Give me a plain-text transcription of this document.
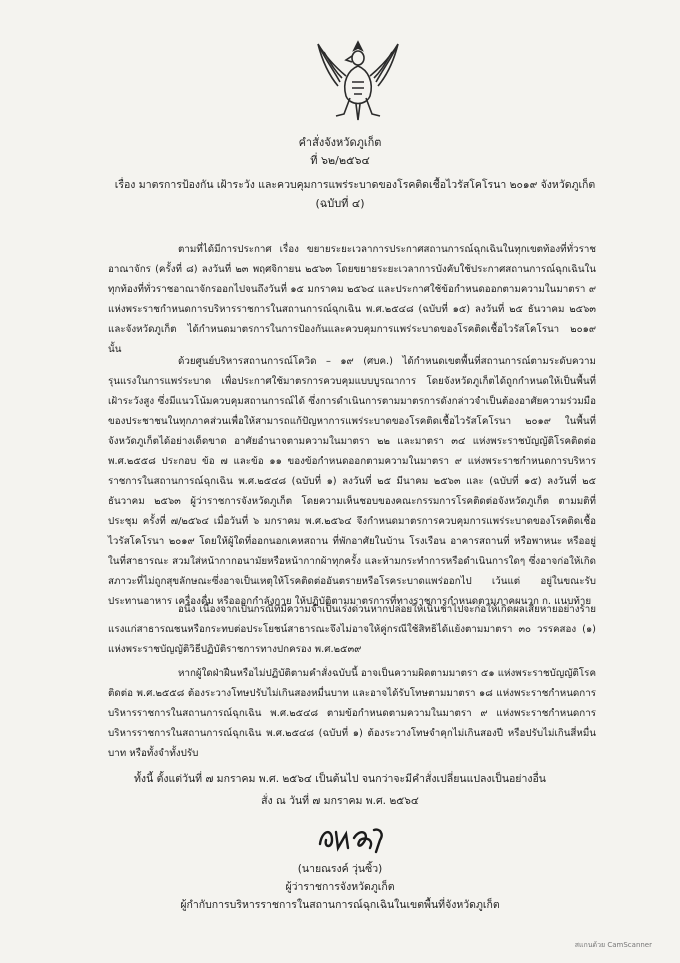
คำสั่งจังหวัดภูเก็ต
ที่ ๖๒/๒๕๖๔
เรื่อง มาตรการป้องกัน เฝ้าระวัง และควบคุมการแพร่ระบาดของโรคติดเชื้อไวรัสโคโรนา ๒๐๑๙ จังหวัดภูเก็ต
(ฉบับที่ ๔)

ตามที่ได้มีการประกาศ เรื่อง ขยายระยะเวลาการประกาศสถานการณ์ฉุกเฉินในทุกเขตท้องที่ทั่วราชอาณาจักร (ครั้งที่ ๘) ลงวันที่ ๒๓ พฤศจิกายน ๒๕๖๓ โดยขยายระยะเวลาการบังคับใช้ประกาศสถานการณ์ฉุกเฉินในทุกท้องที่ทั่วราชอาณาจักรออกไปจนถึงวันที่ ๑๕ มกราคม ๒๕๖๔ และประกาศใช้ข้อกำหนดออกตามความในมาตรา ๙ แห่งพระราชกำหนดการบริหารราชการในสถานการณ์ฉุกเฉิน พ.ศ.๒๕๔๘ (ฉบับที่ ๑๕) ลงวันที่ ๒๕ ธันวาคม ๒๕๖๓ และจังหวัดภูเก็ต ได้กำหนดมาตรการในการป้องกันและควบคุมการแพร่ระบาดของโรคติดเชื้อไวรัสโคโรนา ๒๐๑๙ นั้น

ด้วยศูนย์บริหารสถานการณ์โควิด – ๑๙ (ศบค.) ได้กำหนดเขตพื้นที่สถานการณ์ตามระดับความรุนแรงในการแพร่ระบาด เพื่อประกาศใช้มาตรการควบคุมแบบบูรณาการ โดยจังหวัดภูเก็ตได้ถูกกำหนดให้เป็นพื้นที่เฝ้าระวังสูง ซึ่งมีแนวโน้มควบคุมสถานการณ์ได้ ซึ่งการดำเนินการตามมาตรการดังกล่าวจำเป็นต้องอาศัยความร่วมมือของประชาชนในทุกภาคส่วนเพื่อให้สามารถแก้ปัญหาการแพร่ระบาดของโรคติดเชื้อไวรัสโคโรนา ๒๐๑๙ ในพื้นที่จังหวัดภูเก็ตได้อย่างเด็ดขาด อาศัยอำนาจตามความในมาตรา ๒๒ และมาตรา ๓๔ แห่งพระราชบัญญัติโรคติดต่อ พ.ศ.๒๕๕๘ ประกอบ ข้อ ๗ และข้อ ๑๑ ของข้อกำหนดออกตามความในมาตรา ๙ แห่งพระราชกำหนดการบริหารราชการในสถานการณ์ฉุกเฉิน พ.ศ.๒๕๔๘ (ฉบับที่ ๑) ลงวันที่ ๒๕ มีนาคม ๒๕๖๓ และ (ฉบับที่ ๑๕) ลงวันที่ ๒๕ ธันวาคม ๒๕๖๓ ผู้ว่าราชการจังหวัดภูเก็ต โดยความเห็นชอบของคณะกรรมการโรคติดต่อจังหวัดภูเก็ต ตามมติที่ประชุม ครั้งที่ ๗/๒๕๖๔ เมื่อวันที่ ๖ มกราคม พ.ศ.๒๕๖๔ จึงกำหนดมาตรการควบคุมการแพร่ระบาดของโรคติดเชื้อไวรัสโคโรนา ๒๐๑๙ โดยให้ผู้ใดที่ออกนอกเคหสถาน ที่พักอาศัยในบ้าน โรงเรือน อาคารสถานที่ หรือพาหนะ หรืออยู่ในที่สาธารณะ สวมใส่หน้ากากอนามัยหรือหน้ากากผ้าทุกครั้ง และห้ามกระทำการหรือดำเนินการใดๆ ซึ่งอาจก่อให้เกิดสภาวะที่ไม่ถูกสุขลักษณะซึ่งอาจเป็นเหตุให้โรคติดต่ออันตรายหรือโรคระบาดแพร่ออกไป เว้นแต่ อยู่ในขณะรับประทานอาหาร เครื่องดื่ม หรือออกกำลังกาย ให้ปฏิบัติตามมาตรการที่ทางราชการกำหนดตามภาคผนวก ก. แนบท้าย

อนึ่ง เนื่องจากเป็นกรณีที่มีความจำเป็นเร่งด่วนหากปล่อยให้เนิ่นช้าไปจะก่อให้เกิดผลเสียหายอย่างร้ายแรงแก่สาธารณชนหรือกระทบต่อประโยชน์สาธารณะจึงไม่อาจให้คู่กรณีใช้สิทธิได้แย้งตามมาตรา ๓๐ วรรคสอง (๑) แห่งพระราชบัญญัติวิธีปฏิบัติราชการทางปกครอง พ.ศ.๒๕๓๙

หากผู้ใดฝ่าฝืนหรือไม่ปฏิบัติตามคำสั่งฉบับนี้ อาจเป็นความผิดตามมาตรา ๕๑ แห่งพระราชบัญญัติโรคติดต่อ พ.ศ.๒๕๕๘ ต้องระวางโทษปรับไม่เกินสองหมื่นบาท และอาจได้รับโทษตามมาตรา ๑๘ แห่งพระราชกำหนดการบริหารราชการในสถานการณ์ฉุกเฉิน พ.ศ.๒๕๔๘ ตามข้อกำหนดตามความในมาตรา ๙ แห่งพระราชกำหนดการบริหารราชการในสถานการณ์ฉุกเฉิน พ.ศ.๒๕๔๘ (ฉบับที่ ๑) ต้องระวางโทษจำคุกไม่เกินสองปี หรือปรับไม่เกินสี่หมื่นบาท หรือทั้งจำทั้งปรับ

ทั้งนี้ ตั้งแต่วันที่ ๗ มกราคม พ.ศ. ๒๕๖๔ เป็นต้นไป จนกว่าจะมีคำสั่งเปลี่ยนแปลงเป็นอย่างอื่น
สั่ง ณ วันที่ ๗ มกราคม พ.ศ. ๒๕๖๔
(นายณรงค์ วุ่นซิ้ว)
ผู้ว่าราชการจังหวัดภูเก็ต
ผู้กำกับการบริหารราชการในสถานการณ์ฉุกเฉินในเขตพื้นที่จังหวัดภูเก็ต
สแกนด้วย CamScanner
